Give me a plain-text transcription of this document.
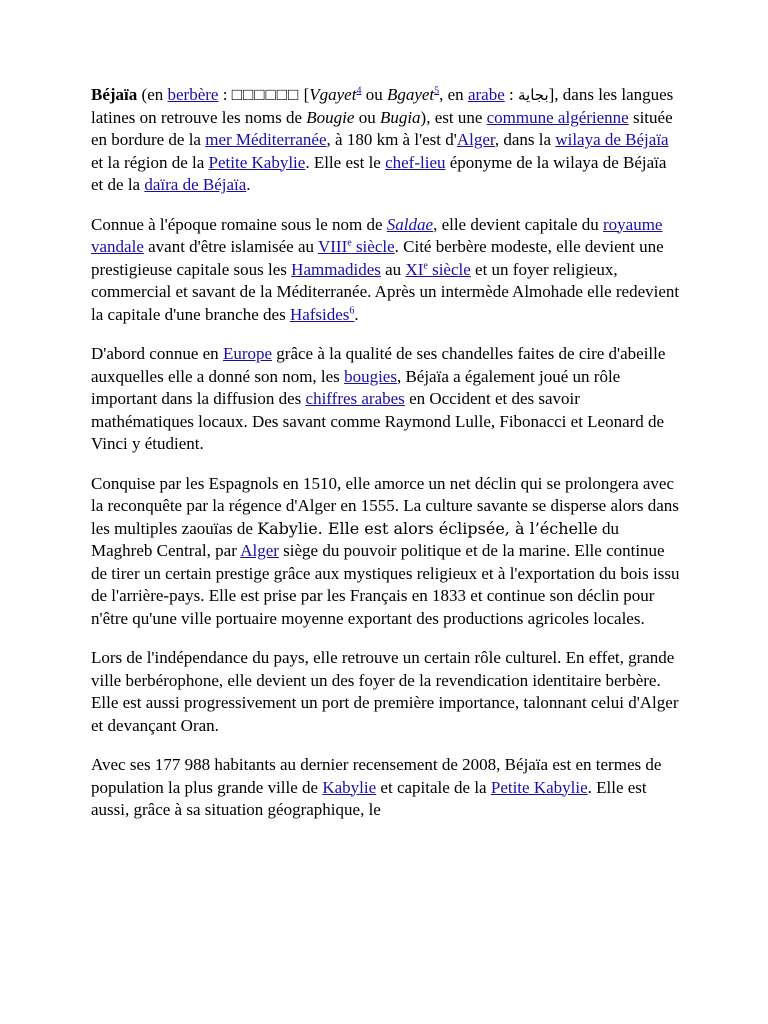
Béjaïa (en berbère : □□□□□□ [Vgayet$^4$ ou Bgayet$^5$, en arabe : بجاية], dans les langues latines on retrouve les noms de Bougie ou Bugia), est une commune algérienne située en bordure de la mer Méditerranée, à 180 km à l'est d'Alger, dans la wilaya de Béjaïa et la région de la Petite Kabylie. Elle est le chef-lieu éponyme de la wilaya de Béjaïa et de la daïra de Béjaïa.

Connue à l'époque romaine sous le nom de Saldae, elle devient capitale du royaume vandale avant d'être islamisée au VIIIe siècle. Cité berbère modeste, elle devient une prestigieuse capitale sous les Hammadides au XIe siècle et un foyer religieux, commercial et savant de la Méditerranée. Après un intermède Almohade elle redevient la capitale d'une branche des Hafsides$^6$.

D'abord connue en Europe grâce à la qualité de ses chandelles faites de cire d'abeille auxquelles elle a donné son nom, les bougies, Béjaïa a également joué un rôle important dans la diffusion des chiffres arabes en Occident et des savoir mathématiques locaux. Des savant comme Raymond Lulle, Fibonacci et Leonard de Vinci y étudient.

Conquise par les Espagnols en 1510, elle amorce un net déclin qui se prolongera avec la reconquête par la régence d'Alger en 1555. La culture savante se disperse alors dans les multiples zaouïas de Kabylie. Elle est alors éclipsée, à l’échelle du Maghreb Central, par Alger siège du pouvoir politique et de la marine. Elle continue de tirer un certain prestige grâce aux mystiques religieux et à l'exportation du bois issu de l'arrière-pays. Elle est prise par les Français en 1833 et continue son déclin pour n'être qu'une ville portuaire moyenne exportant des productions agricoles locales.

Lors de l'indépendance du pays, elle retrouve un certain rôle culturel. En effet, grande ville berbérophone, elle devient un des foyer de la revendication identitaire berbère. Elle est aussi progressivement un port de première importance, talonnant celui d'Alger et devançant Oran.

Avec ses 177 988 habitants au dernier recensement de 2008, Béjaïa est en termes de population la plus grande ville de Kabylie et capitale de la Petite Kabylie. Elle est aussi, grâce à sa situation géographique, le
